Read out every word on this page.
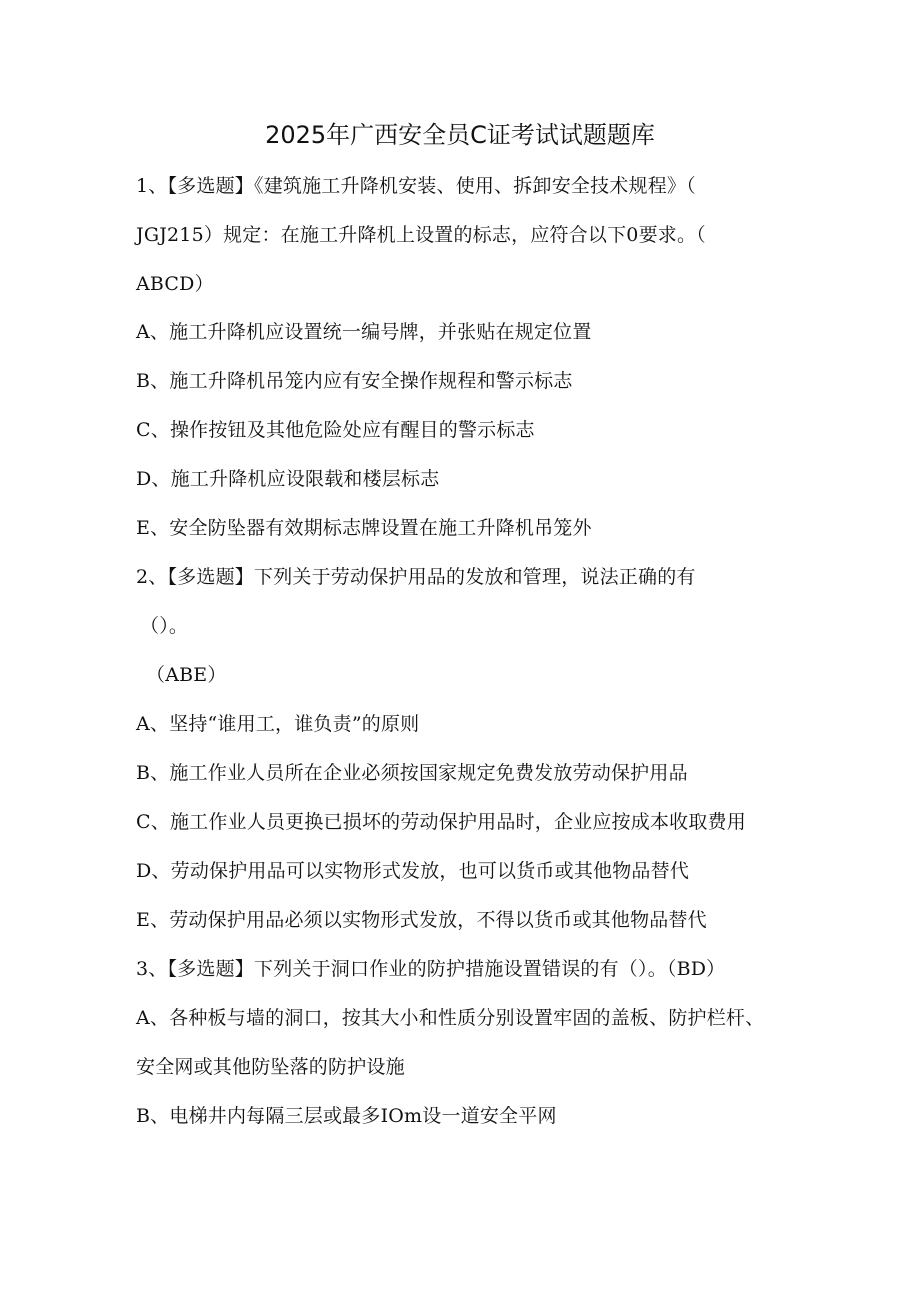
2025年广西安全员C证考试试题题库
1、【多选题】《建筑施工升降机安装、使用、拆卸安全技术规程》（
JGJ215）规定：在施工升降机上设置的标志，应符合以下0要求。（
ABCD）
A、施工升降机应设置统一编号牌，并张贴在规定位置
B、施工升降机吊笼内应有安全操作规程和警示标志
C、操作按钮及其他危险处应有醒目的警示标志
D、施工升降机应设限载和楼层标志
E、安全防坠器有效期标志牌设置在施工升降机吊笼外
2、【多选题】下列关于劳动保护用品的发放和管理，说法正确的有
（）。
（ABE）
A、坚持“谁用工，谁负责”的原则
B、施工作业人员所在企业必须按国家规定免费发放劳动保护用品
C、施工作业人员更换已损坏的劳动保护用品时，企业应按成本收取费用
D、劳动保护用品可以实物形式发放，也可以货币或其他物品替代
E、劳动保护用品必须以实物形式发放，不得以货币或其他物品替代
3、【多选题】下列关于洞口作业的防护措施设置错误的有（）。（BD）
A、各种板与墙的洞口，按其大小和性质分别设置牢固的盖板、防护栏杆、
安全网或其他防坠落的防护设施
B、电梯井内每隔三层或最多IOm设一道安全平网
